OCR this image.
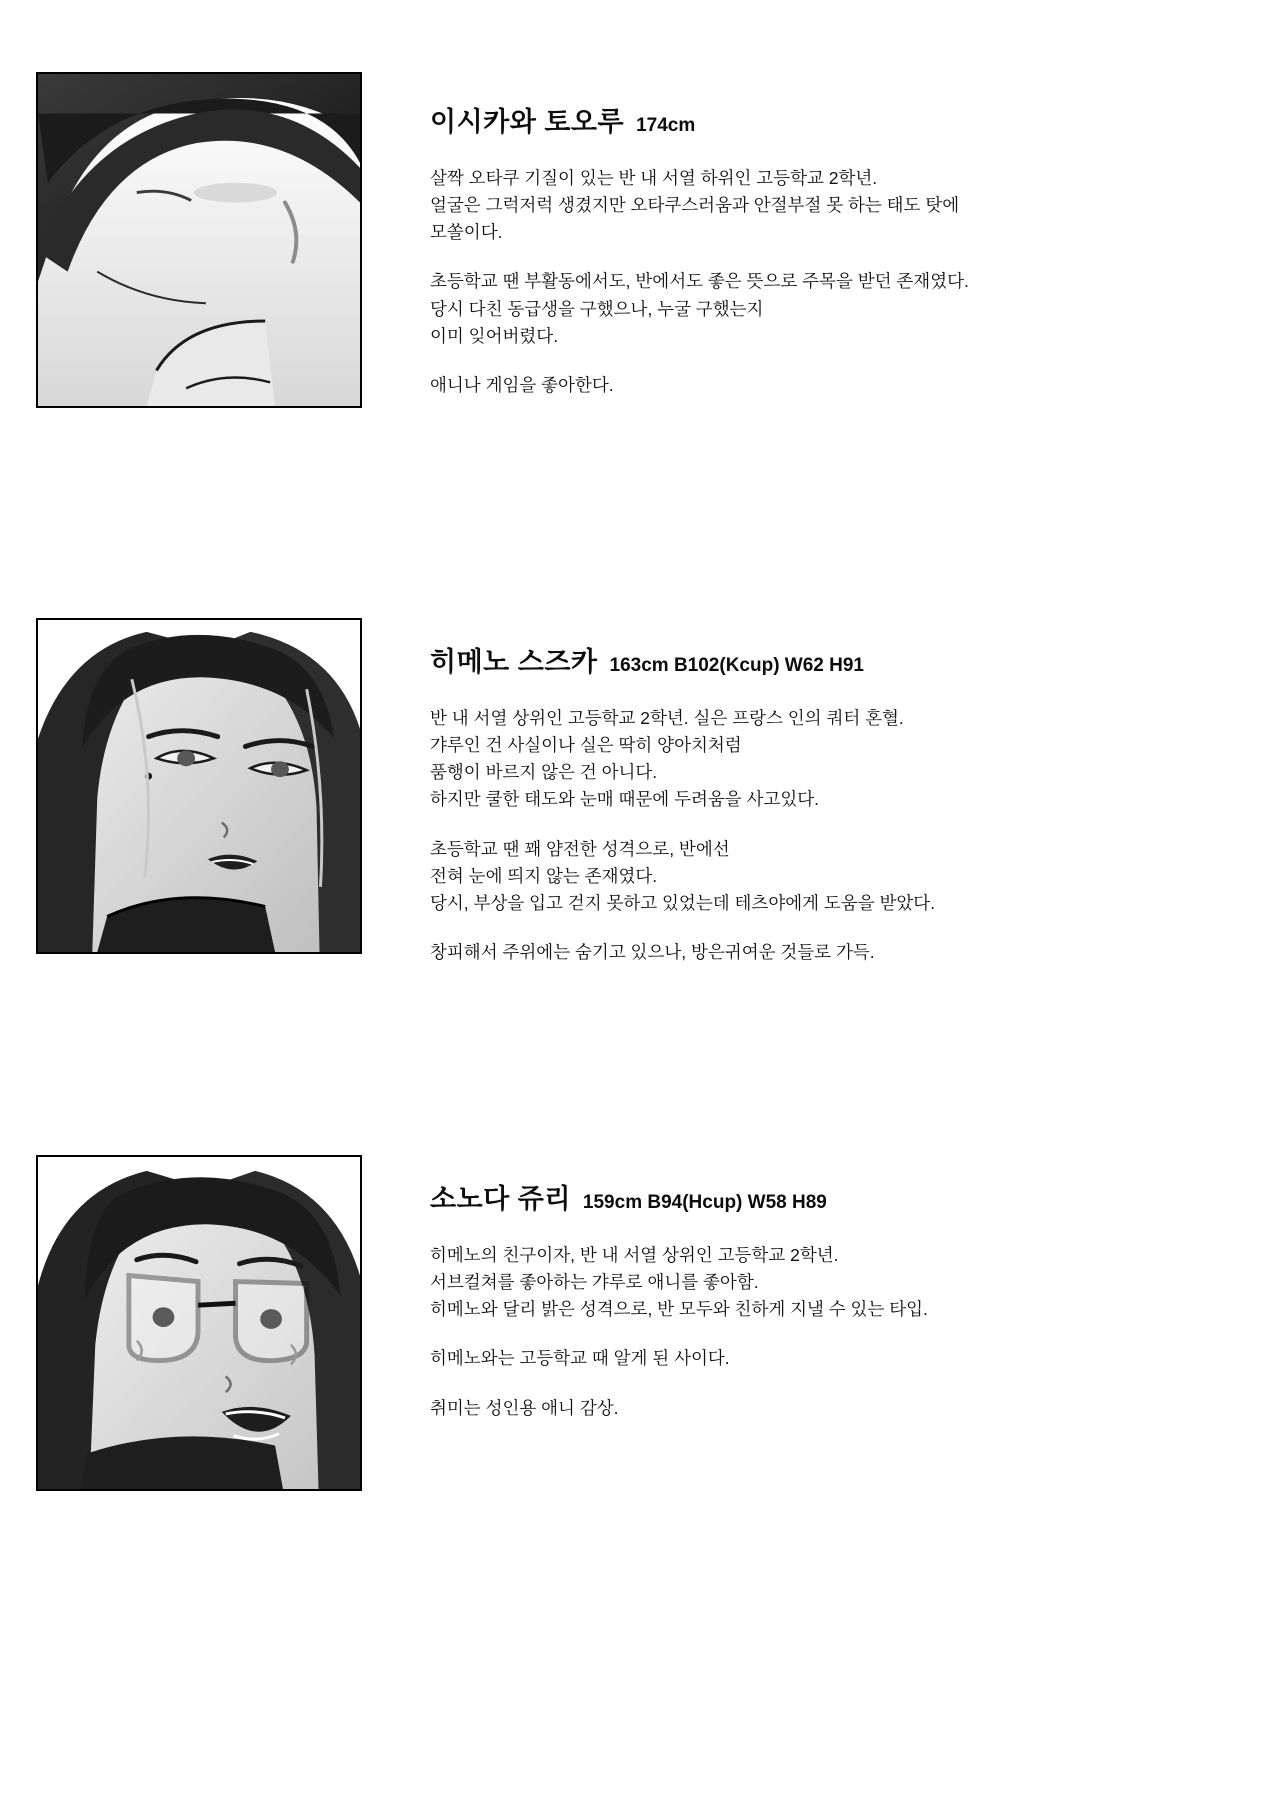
이시카와 토오루 174cm
살짝 오타쿠 기질이 있는 반 내 서열 하위인 고등학교 2학년.
얼굴은 그럭저럭 생겼지만 오타쿠스러움과 안절부절 못 하는 태도 탓에
모쏠이다.
초등학교 땐 부활동에서도, 반에서도 좋은 뜻으로 주목을 받던 존재였다.
당시 다친 동급생을 구했으나, 누굴 구했는지
이미 잊어버렸다.
애니나 게임을 좋아한다.
히메노 스즈카 163cm B102(Kcup) W62 H91
반 내 서열 상위인 고등학교 2학년. 실은 프랑스 인의 쿼터 혼혈.
갸루인 건 사실이나 실은 딱히 양아치처럼
품행이 바르지 않은 건 아니다.
하지만 쿨한 태도와 눈매 때문에 두려움을 사고있다.
초등학교 땐 꽤 얌전한 성격으로, 반에선
전혀 눈에 띄지 않는 존재였다.
당시, 부상을 입고 걷지 못하고 있었는데 테츠야에게 도움을 받았다.
창피해서 주위에는 숨기고 있으나, 방은귀여운 것들로 가득.
소노다 쥬리 159cm B94(Hcup) W58 H89
히메노의 친구이자, 반 내 서열 상위인 고등학교 2학년.
서브컬쳐를 좋아하는 갸루로 애니를 좋아함.
히메노와 달리 밝은 성격으로, 반 모두와 친하게 지낼 수 있는 타입.
히메노와는 고등학교 때 알게 된 사이다.
취미는 성인용 애니 감상.
